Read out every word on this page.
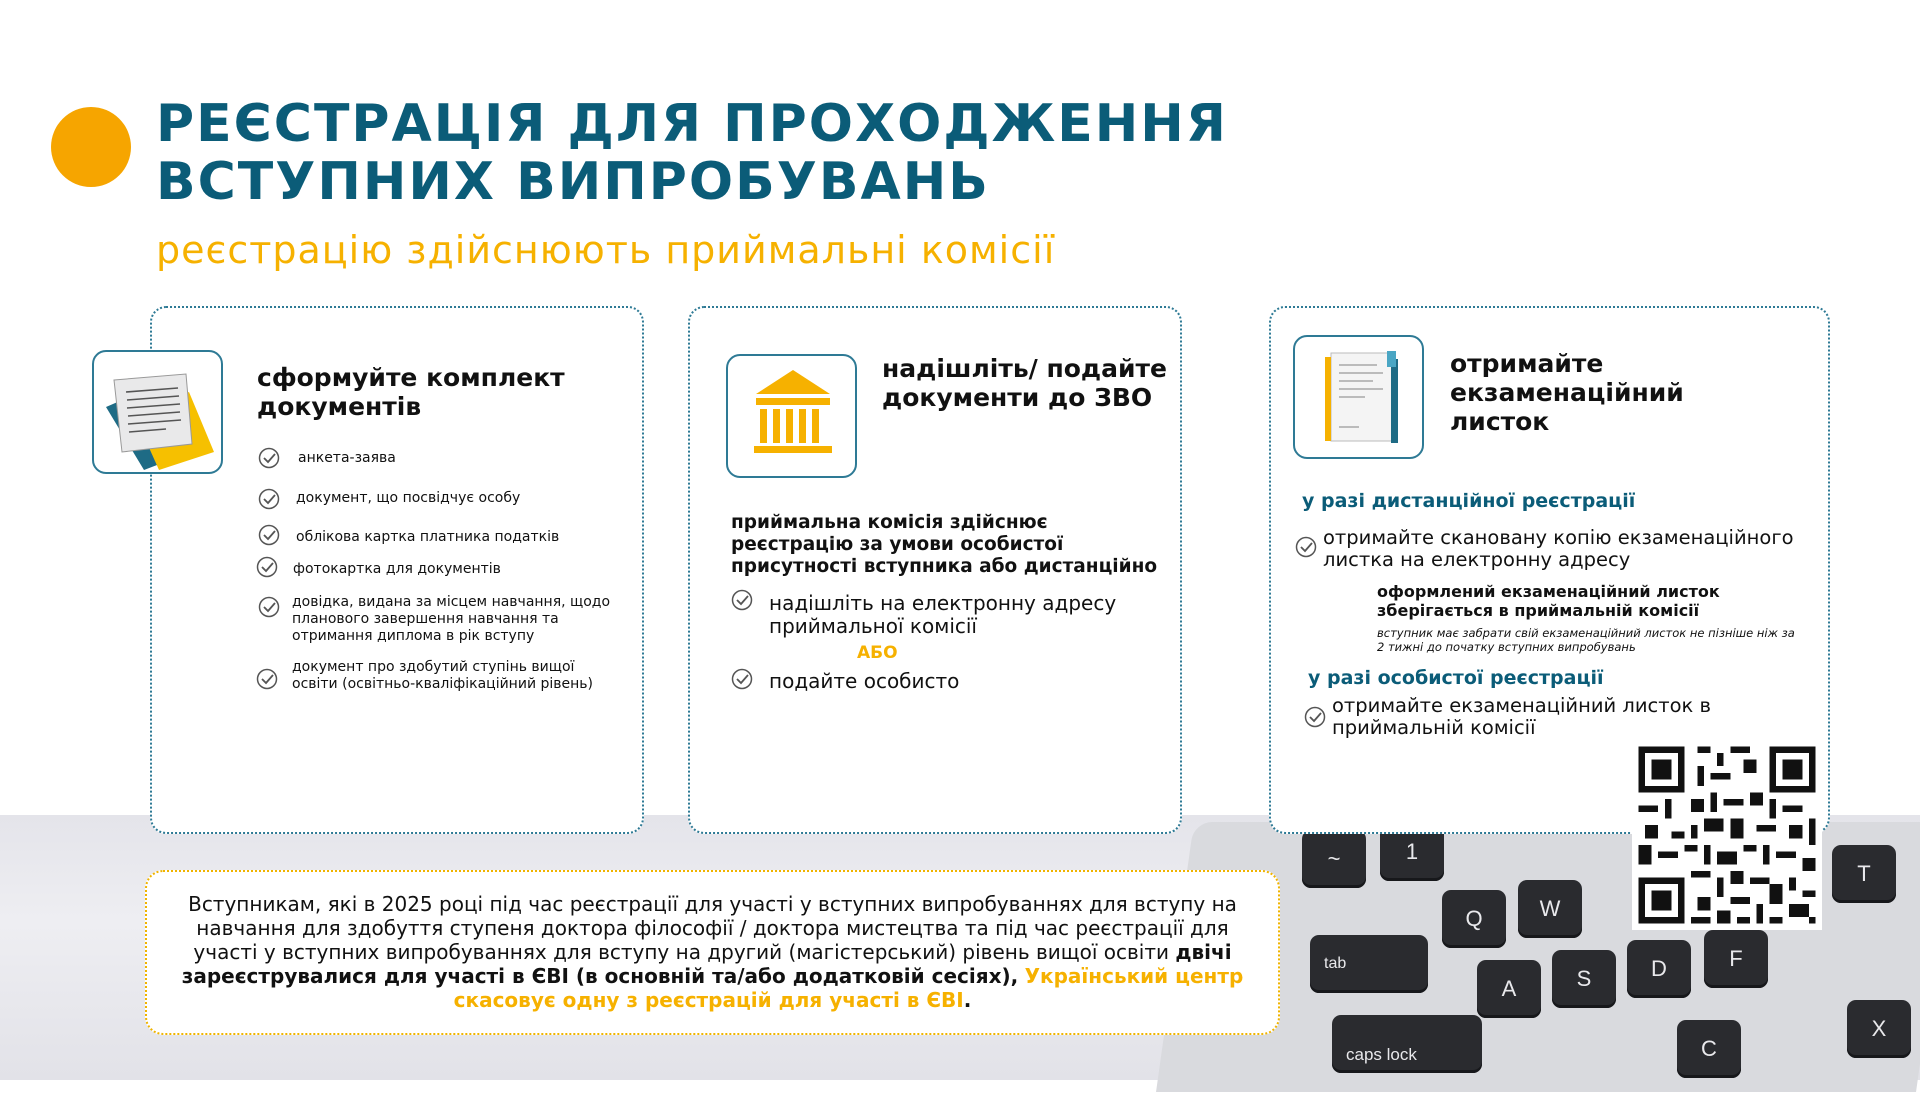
~	1
Q	W
tab
A	S	D	F
caps lock	C
T
X
РЕЄСТРАЦІЯ ДЛЯ ПРОХОДЖЕННЯ
ВСТУПНИХ ВИПРОБУВАНЬ
реєстрацію здійснюють приймальні комісії
сформуйте комплект документів
анкета-заява
документ, що посвідчує особу
облікова картка платника податків
фотокартка для документів
довідка, видана за місцем навчання, щодо планового завершення навчання та отримання диплома в рік вступу
документ про здобутий ступінь вищої освіти (освітньо-кваліфікаційний рівень)
надішліть/ подайте документи до ЗВО
приймальна комісія здійснює реєстрацію за умови особистої присутності вступника або дистанційно
надішліть на електронну адресу приймальної комісії
АБО
подайте особисто
отримайте екзаменаційний листок
у разі дистанційної реєстрації
отримайте скановану копію екзаменаційного листка на електронну адресу
оформлений екзаменаційний листок зберігається в приймальній комісії
вступник має забрати свій екзаменаційний листок не пізніше ніж за 2 тижні до початку вступних випробувань
у разі особистої реєстрації
отримайте екзаменаційний листок в приймальній комісії
Вступникам, які в 2025 році під час реєстрації для участі у вступних випробуваннях для вступу на навчання для здобуття ступеня доктора філософії / доктора мистецтва та під час реєстрації для участі у вступних випробуваннях для вступу на другий (магістерський) рівень вищої освіти двічі зареєструвалися для участі в ЄВІ (в основній та/або додатковій сесіях), Український центр скасовує одну з реєстрацій для участі в ЄВІ.
